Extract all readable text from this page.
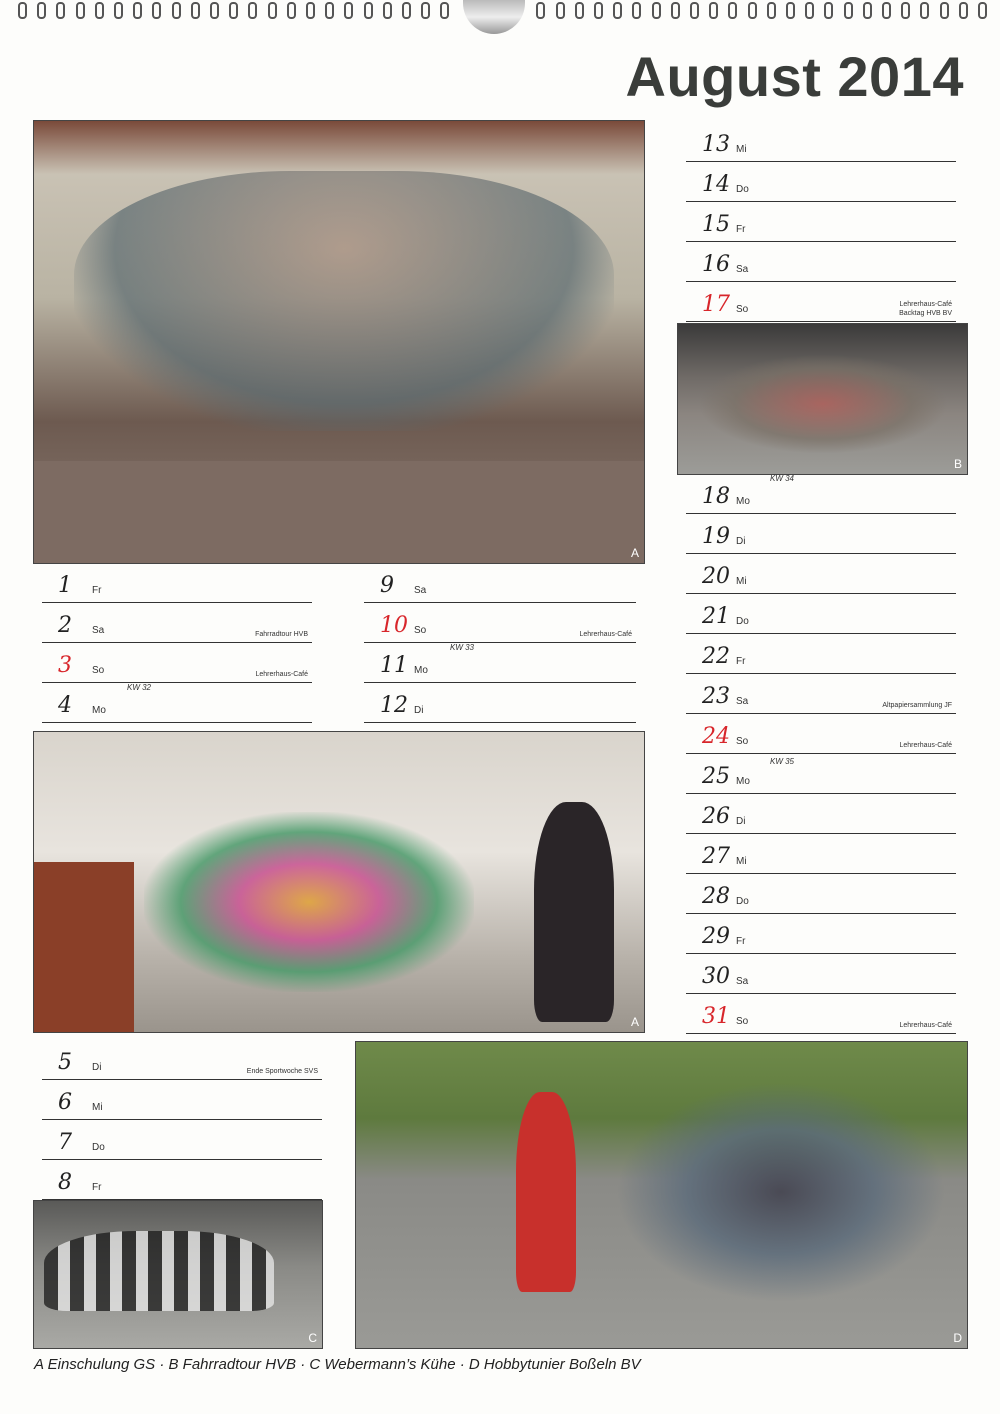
August 2014
A
B
A
C	D
1 Fr
2 Sa	Fahrradtour HVB
3 So	Lehrerhaus-Café
4 Mo
9 Sa
10 So	Lehrerhaus-Café
11 Mo
12 Di
5 Di	Ende Sportwoche SVS
6 Mi
7 Do
8 Fr
13 Mi
14 Do
15 Fr
16 Sa
17 So	Lehrerhaus-Café
Backtag HVB BV
18 Mo
19 Di
20 Mi
21 Do
22 Fr
23 Sa	Altpapiersammlung JF
24 So	Lehrerhaus-Café
25 Mo
26 Di
27 Mi
28 Do
29 Fr
30 Sa
31 So	Lehrerhaus-Café
KW 32
KW 33
KW 34
KW 35
A Einschulung GS · B Fahrradtour HVB · C Webermann’s Kühe · D Hobbytunier Boßeln BV
